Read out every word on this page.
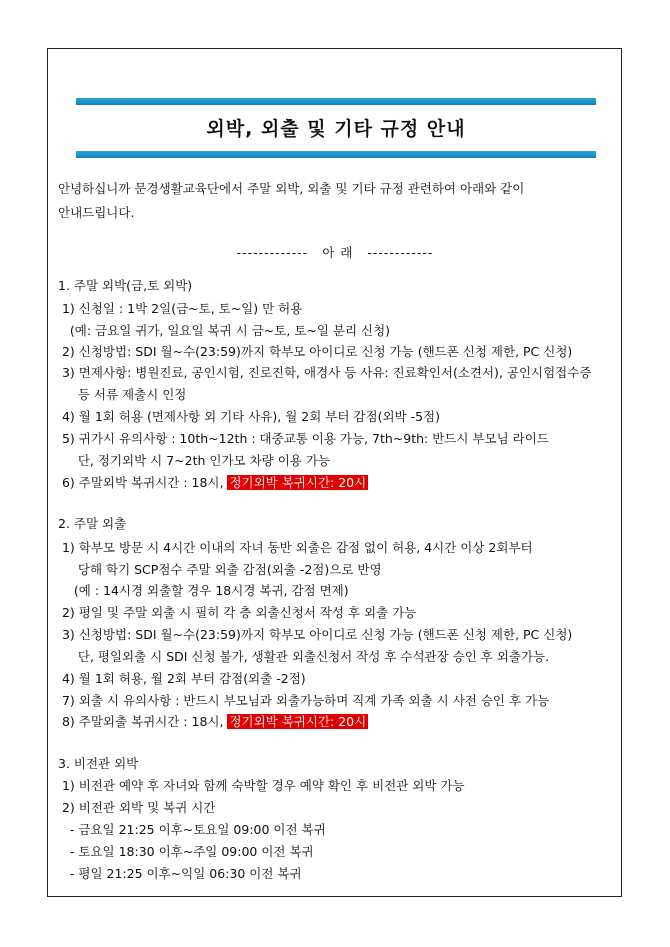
외박, 외출 및 기타 규정 안내
안녕하십니까 문경생활교육단에서 주말 외박, 외출 및 기타 규정 관련하여 아래와 같이
안내드립니다.
------------- 아 래 ------------
1. 주말 외박(금,토 외박)
1) 신청일 : 1박 2일(금~토, 토~일) 만 허용
(예: 금요일 귀가, 일요일 복귀 시 금~토, 토~일 분리 신청)
2) 신청방법: SDI 월~수(23:59)까지 학부모 아이디로 신청 가능 (핸드폰 신청 제한, PC 신청)
3) 면제사항: 병원진료, 공인시험, 진로진학, 애경사 등 사유: 진료확인서(소견서), 공인시험접수증
등 서류 제출시 인정
4) 월 1회 허용 (면제사항 외 기타 사유), 월 2회 부터 감점(외박 -5점)
5) 귀가시 유의사항 : 10th~12th : 대중교통 이용 가능, 7th~9th: 반드시 부모님 라이드
단, 정기외박 시 7~2th 인가모 차량 이용 가능
6) 주말외박 복귀시간 : 18시, 정기외박 복귀시간: 20시
2. 주말 외출
1) 학부모 방문 시 4시간 이내의 자녀 동반 외출은 감점 없이 허용, 4시간 이상 2회부터
당해 학기 SCP점수 주말 외출 감점(외출 -2점)으로 반영
(예 : 14시경 외출할 경우 18시경 복귀, 감점 면제)
2) 평일 및 주말 외출 시 필히 각 층 외출신청서 작성 후 외출 가능
3) 신청방법: SDI 월~수(23:59)까지 학부모 아이디로 신청 가능 (핸드폰 신청 제한, PC 신청)
단, 평일외출 시 SDI 신청 불가, 생활관 외출신청서 작성 후 수석관장 승인 후 외출가능.
4) 월 1회 허용, 월 2회 부터 감점(외출 -2점)
7) 외출 시 유의사항 : 반드시 부모님과 외출가능하며 직계 가족 외출 시 사전 승인 후 가능
8) 주말외출 복귀시간 : 18시, 정기외박 복귀시간: 20시
3. 비전관 외박
1) 비전관 예약 후 자녀와 함께 숙박할 경우 예약 확인 후 비전관 외박 가능
2) 비전관 외박 및 복귀 시간
- 금요일 21:25 이후~토요일 09:00 이전 복귀
- 토요일 18:30 이후~주일 09:00 이전 복귀
- 평일 21:25 이후~익일 06:30 이전 복귀
